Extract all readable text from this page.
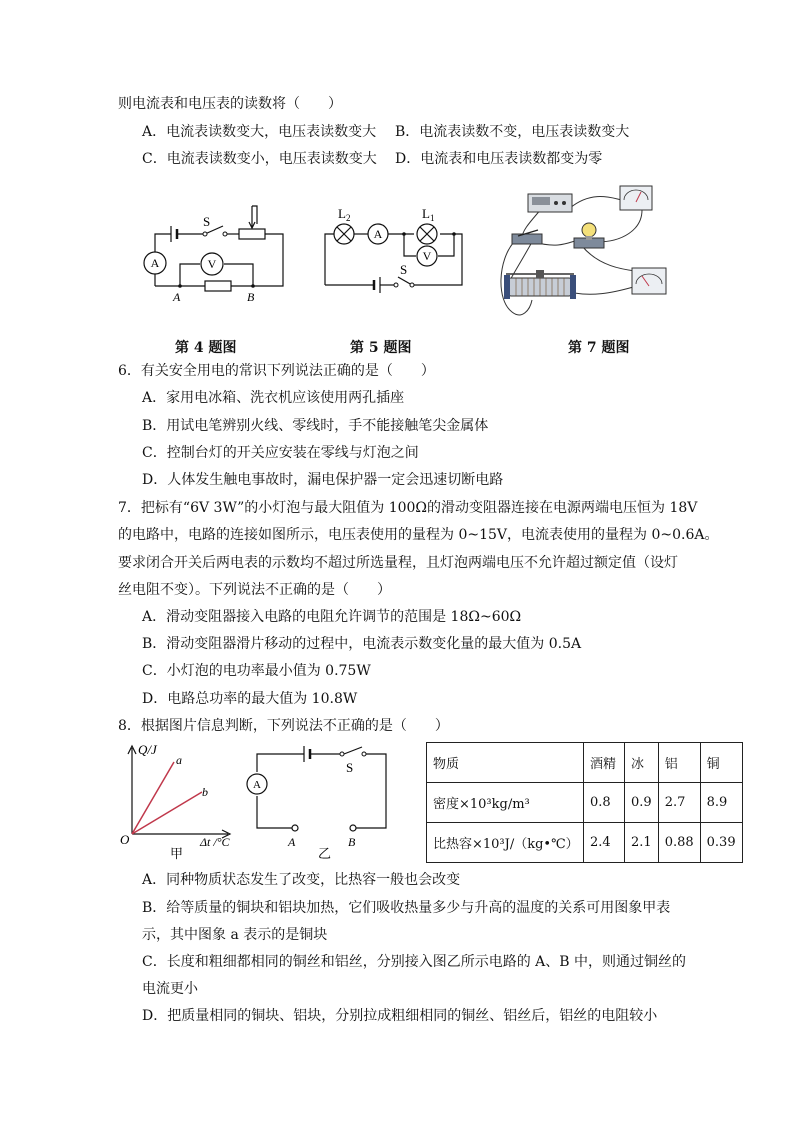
则电流表和电压表的读数将（　　）
A．电流表读数变大，电压表读数变大 B．电流表读数不变，电压表读数变大
C．电流表读数变小，电压表读数变大 D．电流表和电压表读数都变为零
A	V
S
A	B
第 4 题图
A
V
L 2	L 1
S
第 5 题图	第 7 题图
6．有关安全用电的常识下列说法正确的是（　　）
A．家用电冰箱、洗衣机应该使用两孔插座
B．用试电笔辨别火线、零线时，手不能接触笔尖金属体
C．控制台灯的开关应安装在零线与灯泡之间
D．人体发生触电事故时，漏电保护器一定会迅速切断电路
7．把标有“6V 3W”的小灯泡与最大阻值为 100Ω的滑动变阻器连接在电源两端电压恒为 18V
的电路中，电路的连接如图所示，电压表使用的量程为 0~15V，电流表使用的量程为 0~0.6A。
要求闭合开关后两电表的示数均不超过所选量程，且灯泡两端电压不允许超过额定值（设灯
丝电阻不变）。下列说法不正确的是（　　）
A．滑动变阻器接入电路的电阻允许调节的范围是 18Ω~60Ω
B．滑动变阻器滑片移动的过程中，电流表示数变化量的最大值为 0.5A
C．小灯泡的电功率最小值为 0.75W
D．电路总功率的最大值为 10.8W
8．根据图片信息判断，下列说法不正确的是（　　）
Q/J
Δt /°C
O
a
b
甲
A
S
A	B
乙
物质	酒精	冰	铝	铜
密度×10³kg/m³	0.8	0.9	2.7	8.9
比热容×10³J/（kg•℃）	2.4	2.1	0.88	0.39
A．同种物质状态发生了改变，比热容一般也会改变
B．给等质量的铜块和铝块加热，它们吸收热量多少与升高的温度的关系可用图象甲表
示，其中图象 a 表示的是铜块
C．长度和粗细都相同的铜丝和铝丝，分别接入图乙所示电路的 A、B 中，则通过铜丝的
电流更小
D．把质量相同的铜块、铝块，分别拉成粗细相同的铜丝、铝丝后，铝丝的电阻较小
